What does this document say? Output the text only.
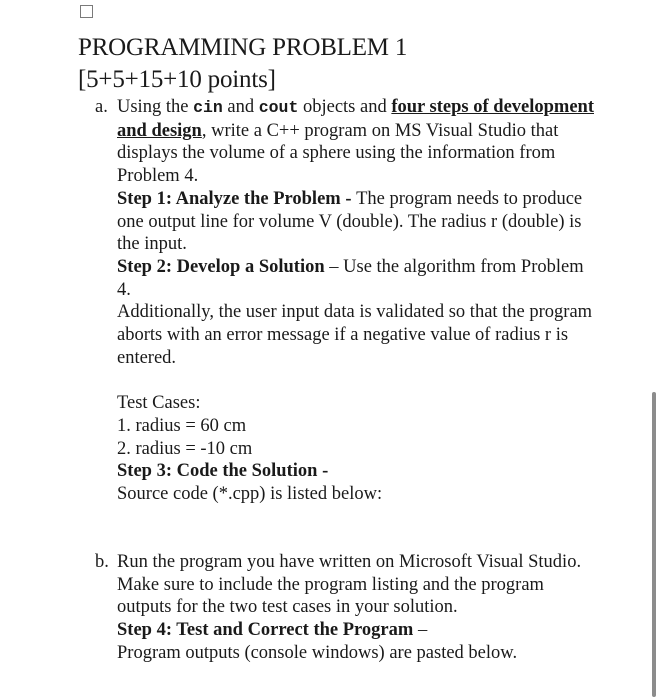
PROGRAMMING PROBLEM 1
[5+5+15+10 points]
a. Using the cin and cout objects and four steps of development and design, write a C++ program on MS Visual Studio that displays the volume of a sphere using the information from Problem 4.

Step 1: Analyze the Problem - The program needs to produce one output line for volume V (double). The radius r (double) is the input.

Step 2: Develop a Solution – Use the algorithm from Problem 4.

Additionally, the user input data is validated so that the program aborts with an error message if a negative value of radius r is entered.

Test Cases:

1. radius = 60 cm

2. radius = -10 cm

Step 3: Code the Solution -

Source code (*.cpp) is listed below:

b. Run the program you have written on Microsoft Visual Studio. Make sure to include the program listing and the program outputs for the two test cases in your solution.

Step 4: Test and Correct the Program –

Program outputs (console windows) are pasted below.
